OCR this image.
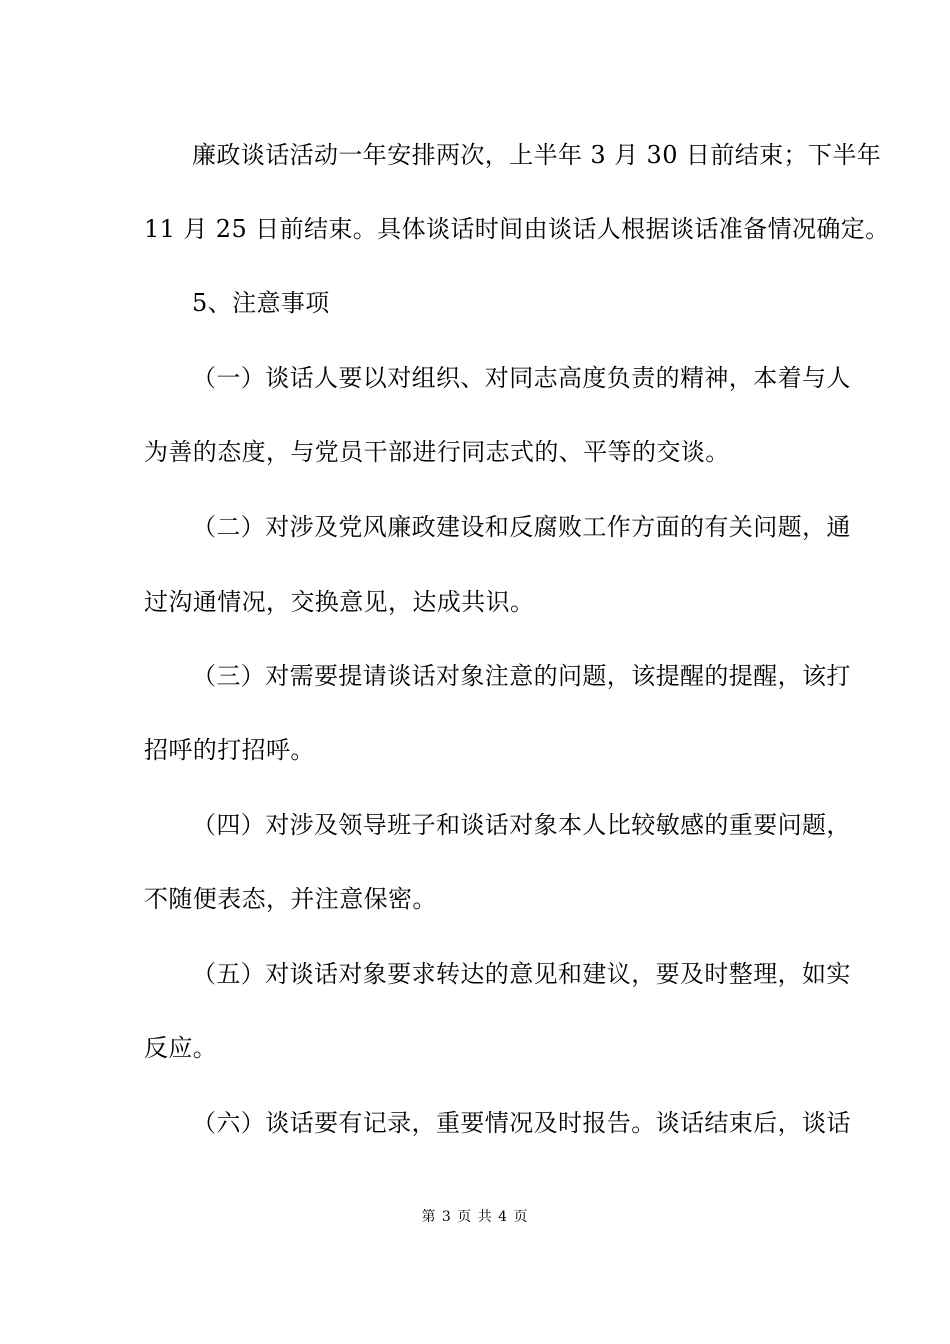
廉政谈话活动一年安排两次，上半年 3 月 30 日前结束；下半年
11 月 25 日前结束。具体谈话时间由谈话人根据谈话准备情况确定。
5、注意事项
（一）谈话人要以对组织、对同志高度负责的精神，本着与人
为善的态度，与党员干部进行同志式的、平等的交谈。
（二）对涉及党风廉政建设和反腐败工作方面的有关问题，通
过沟通情况，交换意见，达成共识。
（三）对需要提请谈话对象注意的问题，该提醒的提醒，该打
招呼的打招呼。
（四）对涉及领导班子和谈话对象本人比较敏感的重要问题，
不随便表态，并注意保密。
（五）对谈话对象要求转达的意见和建议，要及时整理，如实
反应。
（六）谈话要有记录，重要情况及时报告。谈话结束后，谈话
第 3 页 共 4 页
